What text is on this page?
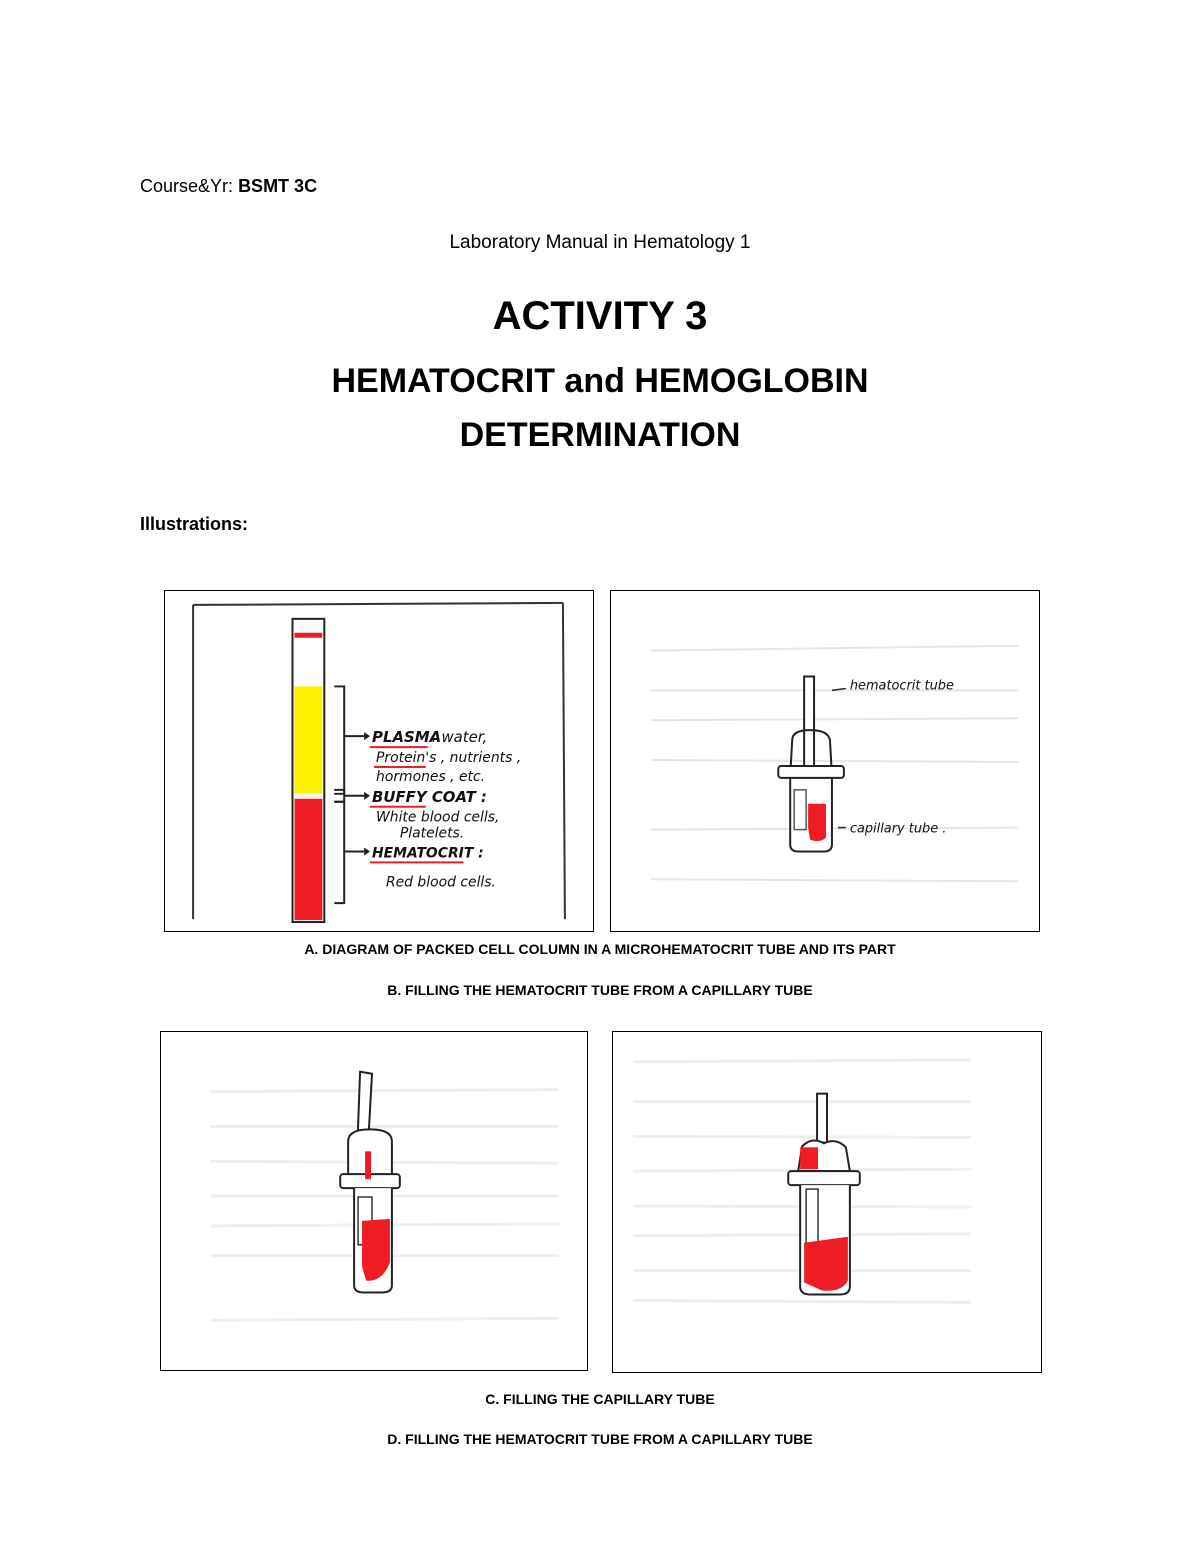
Course&Yr: BSMT 3C
Laboratory Manual in Hematology 1
ACTIVITY 3
HEMATOCRIT and HEMOGLOBIN
DETERMINATION
Illustrations:
PLASMA
: water,
Protein's , nutrients ,
hormones , etc.
BUFFY COAT :
White blood cells,
Platelets.
HEMATOCRIT :
Red blood cells.
hematocrit tube
capillary tube .
A. DIAGRAM OF PACKED CELL COLUMN IN A MICROHEMATOCRIT TUBE AND ITS PART
B. FILLING THE HEMATOCRIT TUBE FROM A CAPILLARY TUBE
C. FILLING THE CAPILLARY TUBE
D. FILLING THE HEMATOCRIT TUBE FROM A CAPILLARY TUBE
